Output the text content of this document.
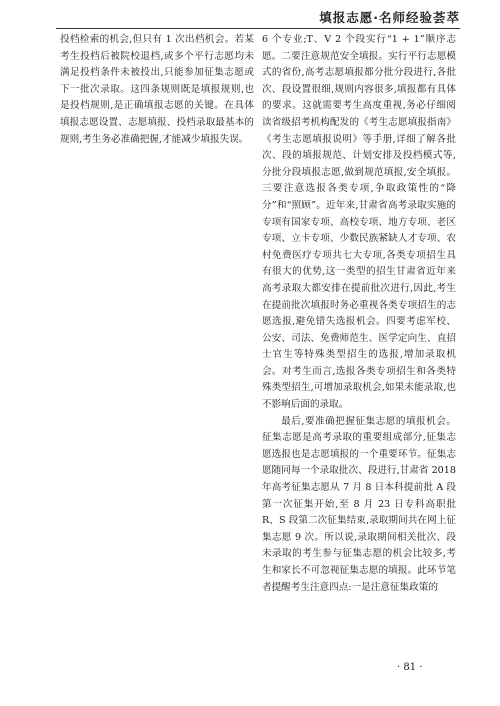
填报志愿·名师经验荟萃

投档检索的机会,但只有 1 次出档机会。若某考生投档后被院校退档,或多个平行志愿均未满足投档条件未被投出,只能参加征集志愿或下一批次录取。这四条规则既是填报规则,也是投档规则,是正确填报志愿的关键。在具体填报志愿设置、志愿填报、投档录取最基本的规则,考生务必准确把握,才能减少填报失误。

6 个专业;T、V 2 个段实行“1 + 1”顺序志愿。二要注意规范安全填报。实行平行志愿模式的省份,高考志愿填报都分批分段进行,各批次、段设置很细,规则内容很多,填报都有具体的要求。这就需要考生高度重视,务必仔细阅读省级招考机构配发的《考生志愿填报指南》《考生志愿填报说明》等手册,详细了解各批次、段的填报规范、计划安排及投档模式等,分批分段填报志愿,做到规范填报,安全填报。三要注意选报各类专项,争取政策性的“降分”和“照顾”。近年来,甘肃省高考录取实施的专项有国家专项、高校专项、地方专项、老区专项、立卡专项、少数民族紧缺人才专项、农村免费医疗专项共七大专项,各类专项招生具有很大的优势,这一类型的招生甘肃省近年来高考录取大都安排在提前批次进行,因此,考生在提前批次填报时务必重视各类专项招生的志愿选报,避免错失选报机会。四要考虑军校、公安、司法、免费师范生、医学定向生、直招士官生等特殊类型招生的选报,增加录取机会。对考生而言,选报各类专项招生和各类特殊类型招生,可增加录取机会,如果未能录取,也不影响后面的录取。

最后,要准确把握征集志愿的填报机会。征集志愿是高考录取的重要组成部分,征集志愿选报也是志愿填报的一个重要环节。征集志愿随同每一个录取批次、段进行,甘肃省 2018 年高考征集志愿从 7 月 8 日本科提前批 A 段第一次征集开始,至 8 月 23 日专科高职批 R、S 段第二次征集结束,录取期间共在网上征集志愿 9 次。所以说,录取期间相关批次、段未录取的考生参与征集志愿的机会比较多,考生和家长不可忽视征集志愿的填报。此环节笔者提醒考生注意四点:一是注意征集政策的

· 81 ·
